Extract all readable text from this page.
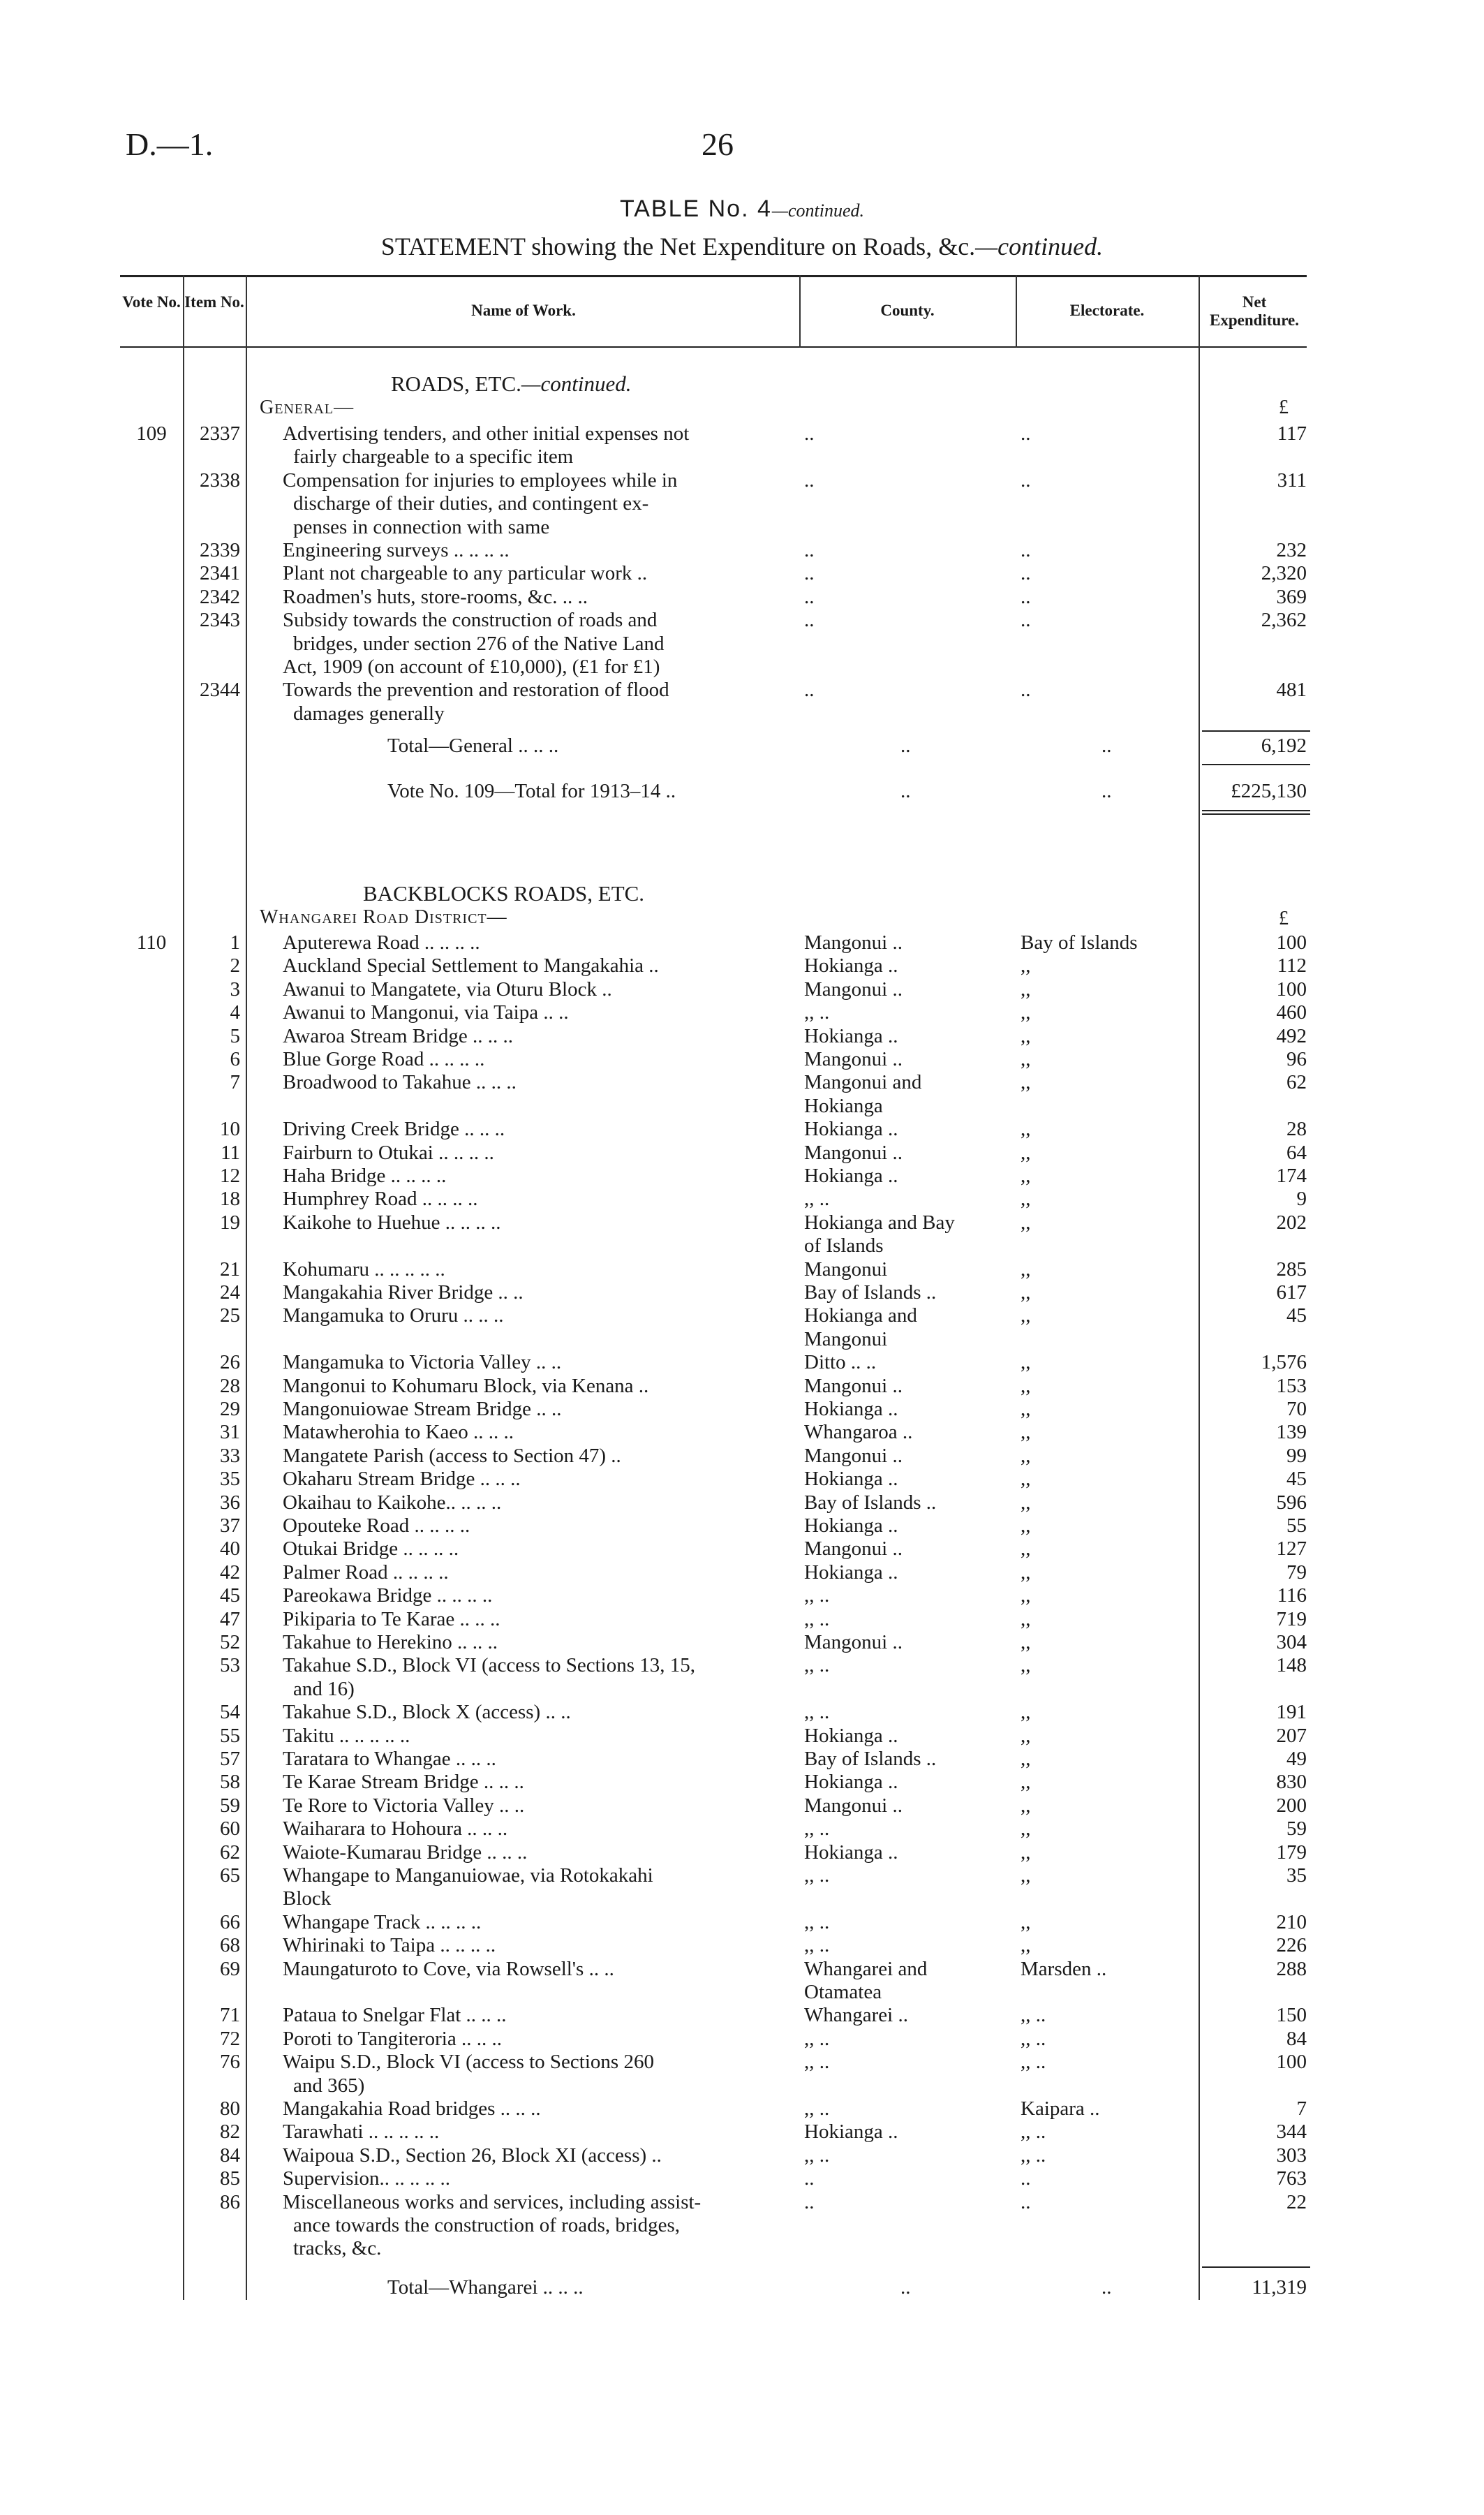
D.—1.	26
TABLE No. 4—continued.
STATEMENT showing the Net Expenditure on Roads, &c.—continued.
Vote No. Item No.	Name of Work.	County.	Electorate.	Net Expenditure.
ROADS, ETC.—continued.
General—	£
109	2337 Advertising tenders, and other initial expenses not	..	..	117
fairly chargeable to a specific item
2338 Compensation for injuries to employees while in	..	..	311
discharge of their duties, and contingent ex-
penses in connection with same
2339 Engineering surveys .. .. .. ..	..	..	232
2341 Plant not chargeable to any particular work ..	..	..	2,320
2342 Roadmen's huts, store-rooms, &c. .. ..	..	..	369
2343 Subsidy towards the construction of roads and	..	..	2,362
bridges, under section 276 of the Native Land
Act, 1909 (on account of £10,000), (£1 for £1)
2344 Towards the prevention and restoration of flood	..	..	481
damages generally
Total—General .. .. ..	..	..	6,192
Vote No. 109—Total for 1913–14 ..	..	..	£225,130
BACKBLOCKS ROADS, ETC.
Whangarei Road District—	£
110	1 Aputerewa Road .. .. .. ..	Mangonui ..	Bay of Islands	100
2 Auckland Special Settlement to Mangakahia ..	Hokianga ..	,,	112
3 Awanui to Mangatete, via Oturu Block ..	Mangonui ..	,,	100
4 Awanui to Mangonui, via Taipa .. ..	,, ..	,,	460
5 Awaroa Stream Bridge .. .. ..	Hokianga ..	,,	492
6 Blue Gorge Road .. .. .. ..	Mangonui ..	,,	96
7 Broadwood to Takahue .. .. ..	Mangonui and	,,	62
Hokianga
10 Driving Creek Bridge .. .. ..	Hokianga ..	,,	28
11 Fairburn to Otukai .. .. .. ..	Mangonui ..	,,	64
12 Haha Bridge .. .. .. ..	Hokianga ..	,,	174
18 Humphrey Road .. .. .. ..	,, ..	,,	9
19 Kaikohe to Huehue .. .. .. ..	Hokianga and Bay	,,	202
of Islands
21 Kohumaru .. .. .. .. ..	Mangonui	,,	285
24 Mangakahia River Bridge .. ..	Bay of Islands ..	,,	617
25 Mangamuka to Oruru .. .. ..	Hokianga and	,,	45
Mangonui
26 Mangamuka to Victoria Valley .. ..	Ditto .. ..	,,	1,576
28 Mangonui to Kohumaru Block, via Kenana ..	Mangonui ..	,,	153
29 Mangonuiowae Stream Bridge .. ..	Hokianga ..	,,	70
31 Matawherohia to Kaeo .. .. ..	Whangaroa ..	,,	139
33 Mangatete Parish (access to Section 47) ..	Mangonui ..	,,	99
35 Okaharu Stream Bridge .. .. ..	Hokianga ..	,,	45
36 Okaihau to Kaikohe.. .. .. ..	Bay of Islands ..	,,	596
37 Opouteke Road .. .. .. ..	Hokianga ..	,,	55
40 Otukai Bridge .. .. .. ..	Mangonui ..	,,	127
42 Palmer Road .. .. .. ..	Hokianga ..	,,	79
45 Pareokawa Bridge .. .. .. ..	,, ..	,,	116
47 Pikiparia to Te Karae .. .. ..	,, ..	,,	719
52 Takahue to Herekino .. .. ..	Mangonui ..	,,	304
53 Takahue S.D., Block VI (access to Sections 13, 15,	,, ..	,,	148
and 16)
54 Takahue S.D., Block X (access) .. ..	,, ..	,,	191
55 Takitu .. .. .. .. ..	Hokianga ..	,,	207
57 Taratara to Whangae .. .. ..	Bay of Islands ..	,,	49
58 Te Karae Stream Bridge .. .. ..	Hokianga ..	,,	830
59 Te Rore to Victoria Valley .. ..	Mangonui ..	,,	200
60 Waiharara to Hohoura .. .. ..	,, ..	,,	59
62 Waiote-Kumarau Bridge .. .. ..	Hokianga ..	,,	179
65 Whangape to Manganuiowae, via Rotokakahi	,, ..	,,	35
Block
66 Whangape Track .. .. .. ..	,, ..	,,	210
68 Whirinaki to Taipa .. .. .. ..	,, ..	,,	226
69 Maungaturoto to Cove, via Rowsell's .. ..	Whangarei and	Marsden ..	288
Otamatea
71 Pataua to Snelgar Flat .. .. ..	Whangarei ..	,, ..	150
72 Poroti to Tangiteroria .. .. ..	,, ..	,, ..	84
76 Waipu S.D., Block VI (access to Sections 260	,, ..	,, ..	100
and 365)
80 Mangakahia Road bridges .. .. ..	,, ..	Kaipara ..	7
82 Tarawhati .. .. .. .. ..	Hokianga ..	,, ..	344
84 Waipoua S.D., Section 26, Block XI (access) ..	,, ..	,, ..	303
85 Supervision.. .. .. .. ..	..	..	763
86 Miscellaneous works and services, including assist-	..	..	22
ance towards the construction of roads, bridges,
tracks, &c.
Total—Whangarei .. .. ..	..	..	11,319
